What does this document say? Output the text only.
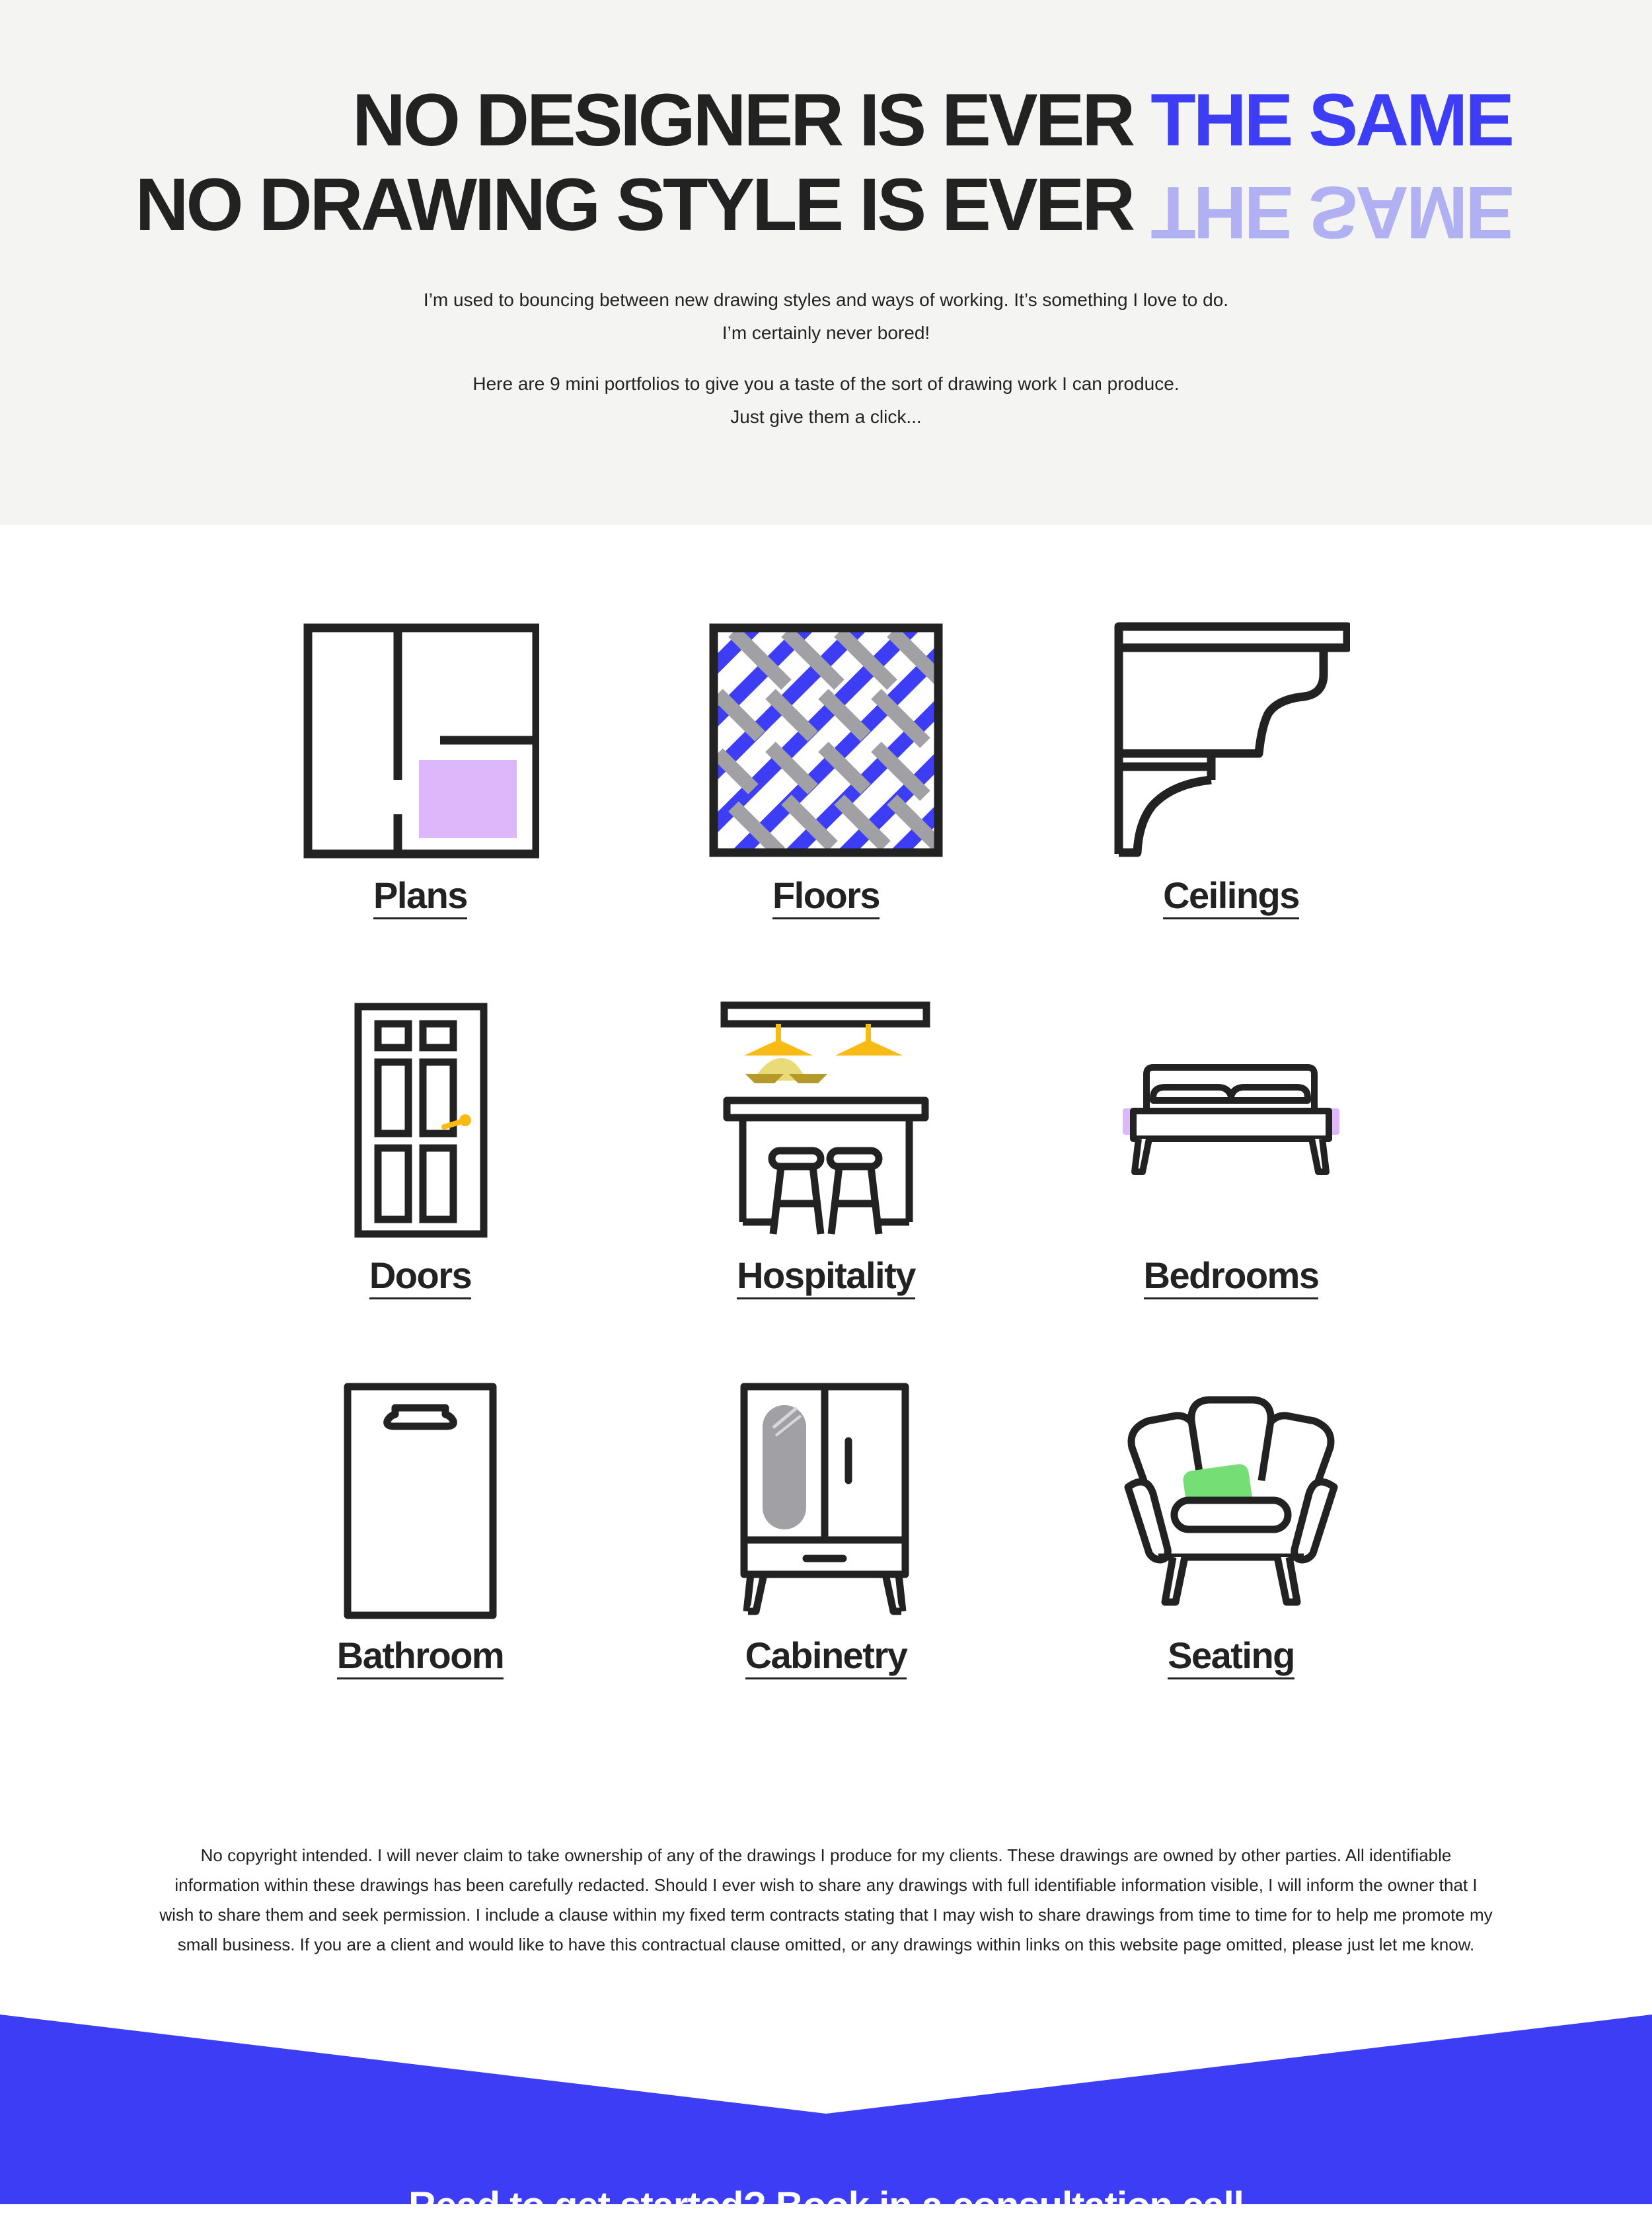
NO DESIGNER IS EVER THE SAME
NO DRAWING STYLE IS EVER THE SAME

I’m used to bouncing between new drawing styles and ways of working. It’s something I love to do.
I’m certainly never bored!

Here are 9 mini portfolios to give you a taste of the sort of drawing work I can produce.
Just give them a click...

Plans	Floors	Ceilings
Doors	Hospitality	Bedrooms
Bathroom	Cabinetry	Seating

No copyright intended. I will never claim to take ownership of any of the drawings I produce for my clients. These drawings are owned by other parties. All identifiable
information within these drawings has been carefully redacted. Should I ever wish to share any drawings with full identifiable information visible, I will inform the owner that I
wish to share them and seek permission. I include a clause within my fixed term contracts stating that I may wish to share drawings from time to time for to help me promote my
small business. If you are a client and would like to have this contractual clause omitted, or any drawings within links on this website page omitted, please just let me know.

Read to get started? Book in a consultation call
